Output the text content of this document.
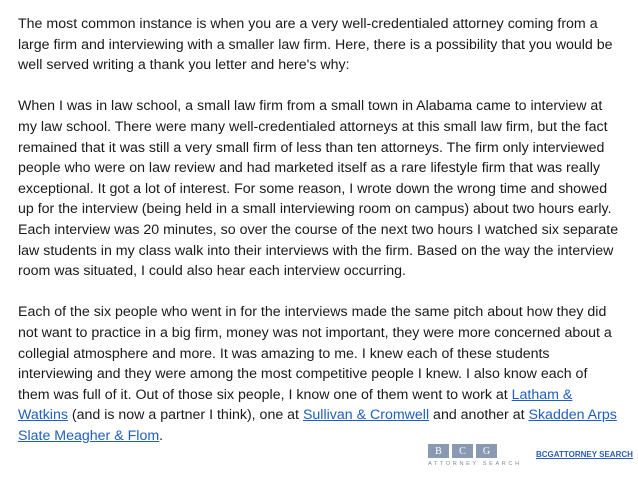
The most common instance is when you are a very well-credentialed attorney coming from a large firm and interviewing with a smaller law firm. Here, there is a possibility that you would be well served writing a thank you letter and here's why:

When I was in law school, a small law firm from a small town in Alabama came to interview at my law school. There were many well-credentialed attorneys at this small law firm, but the fact remained that it was still a very small firm of less than ten attorneys. The firm only interviewed people who were on law review and had marketed itself as a rare lifestyle firm that was really exceptional. It got a lot of interest. For some reason, I wrote down the wrong time and showed up for the interview (being held in a small interviewing room on campus) about two hours early. Each interview was 20 minutes, so over the course of the next two hours I watched six separate law students in my class walk into their interviews with the firm. Based on the way the interview room was situated, I could also hear each interview occurring.

Each of the six people who went in for the interviews made the same pitch about how they did not want to practice in a big firm, money was not important, they were more concerned about a collegial atmosphere and more. It was amazing to me. I knew each of these students interviewing and they were among the most competitive people I knew. I also know each of them was full of it. Out of those six people, I know one of them went to work at Latham & Watkins (and is now a partner I think), one at Sullivan & Cromwell and another at Skadden Arps Slate Meagher & Flom.

B	C	G
ATTORNEY SEARCH
BCGATTORNEY SEARCH
